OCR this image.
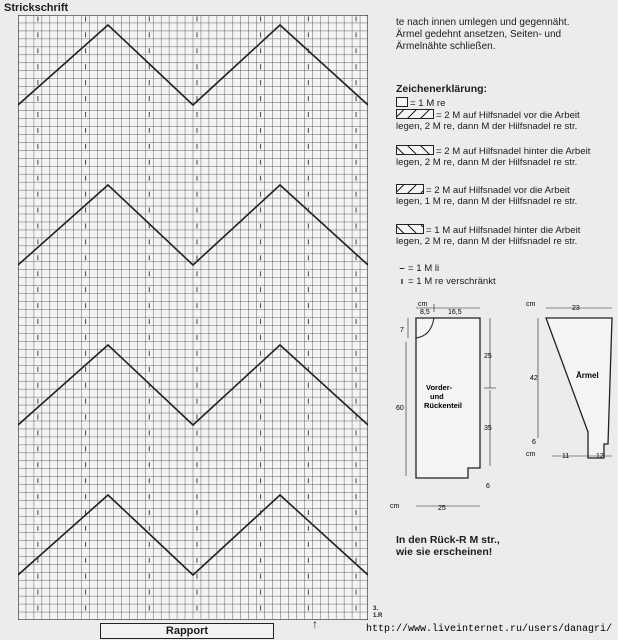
Strickschrift
Rapport	↑
3.
1.R
te nach innen umlegen und gegennäht. Ärmel gedehnt ansetzen, Seiten- und Ärmelnähte schließen.
Zeichenerklärung:
= 1 M re
= 2 M auf Hilfsnadel vor die Arbeit legen, 2 M re, dann M der Hilfsnadel re str.
= 2 M auf Hilfsnadel hinter die Arbeit legen, 2 M re, dann M der Hilfsnadel re str.
= 2 M auf Hilfsnadel vor die Arbeit legen, 1 M re, dann M der Hilfsnadel re str.
= 1 M auf Hilfsnadel hinter die Arbeit legen, 2 M re, dann M der Hilfsnadel re str.
– = 1 M li
ı = 1 M re verschränkt
cm
8,5	16,5
7
60
25
35
6
Vorder-
und
Rückenteil
cm	25
cm
23
42
6
Ärmel
cm	11	12
In den Rück-R M str., wie sie erscheinen!
http://www.liveinternet.ru/users/danagri/
